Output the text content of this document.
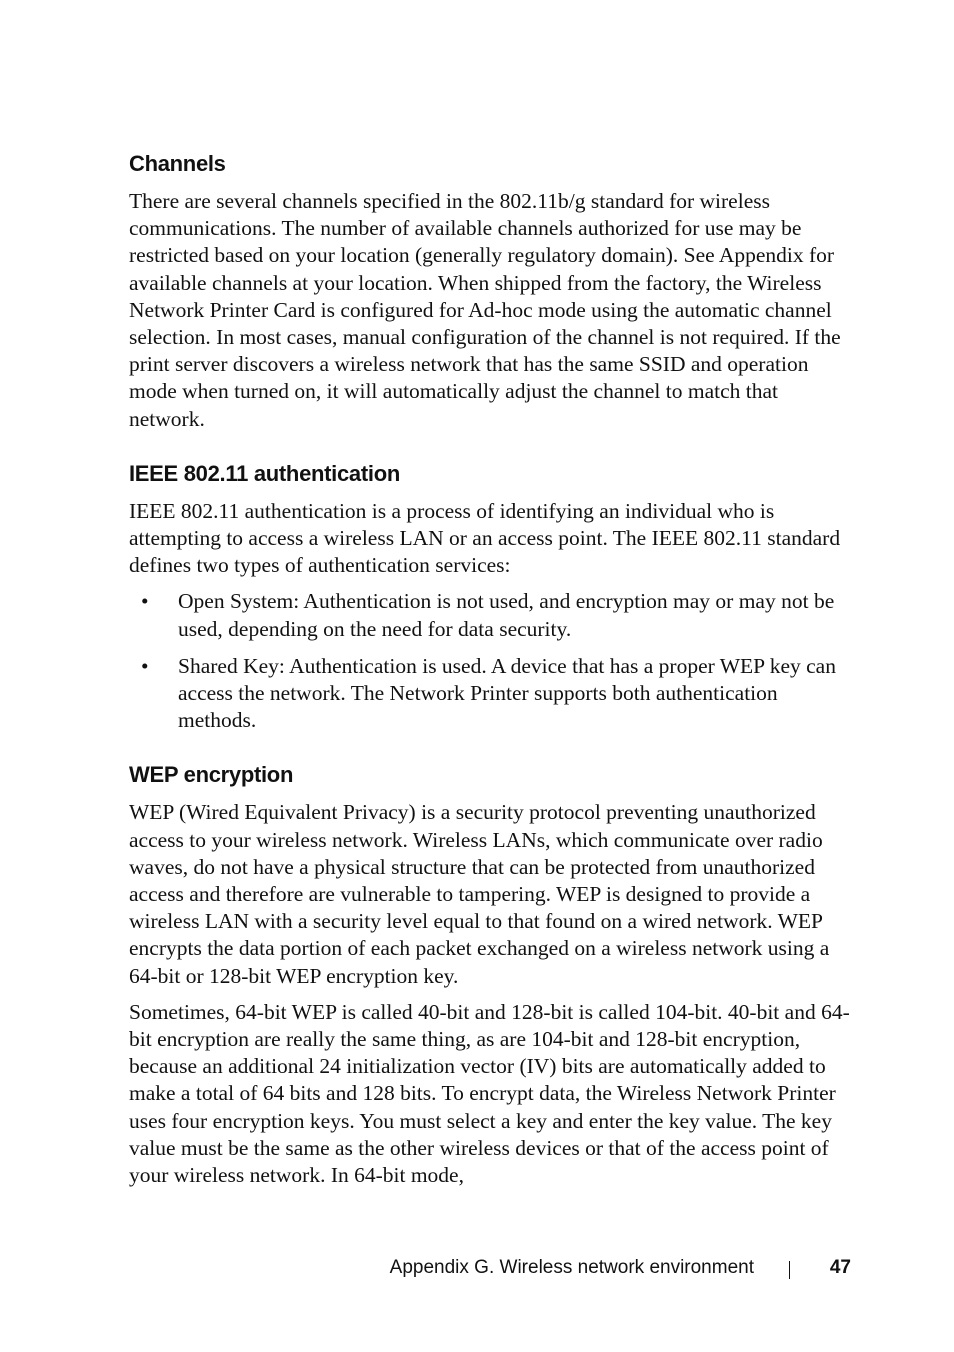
Channels

There are several channels specified in the 802.11b/g standard for wireless communications. The number of available channels authorized for use may be restricted based on your location (generally regulatory domain). See Appendix for available channels at your location. When shipped from the factory, the Wireless Network Printer Card is configured for Ad-hoc mode using the automatic channel selection. In most cases, manual configuration of the channel is not required. If the print server discovers a wireless network that has the same SSID and operation mode when turned on, it will automatically adjust the channel to match that network.

IEEE 802.11 authentication

IEEE 802.11 authentication is a process of identifying an individual who is attempting to access a wireless LAN or an access point. The IEEE 802.11 standard defines two types of authentication services:

• Open System: Authentication is not used, and encryption may or may not be used, depending on the need for data security.
• Shared Key: Authentication is used. A device that has a proper WEP key can access the network. The Network Printer supports both authentication methods.
WEP encryption

WEP (Wired Equivalent Privacy) is a security protocol preventing unauthorized access to your wireless network. Wireless LANs, which communicate over radio waves, do not have a physical structure that can be protected from unauthorized access and therefore are vulnerable to tampering. WEP is designed to provide a wireless LAN with a security level equal to that found on a wired network. WEP encrypts the data portion of each packet exchanged on a wireless network using a 64-bit or 128-bit WEP encryption key.

Sometimes, 64-bit WEP is called 40-bit and 128-bit is called 104-bit. 40-bit and 64-bit encryption are really the same thing, as are 104-bit and 128-bit encryption, because an additional 24 initialization vector (IV) bits are automatically added to make a total of 64 bits and 128 bits. To encrypt data, the Wireless Network Printer uses four encryption keys. You must select a key and enter the key value. The key value must be the same as the other wireless devices or that of the access point of your wireless network. In 64-bit mode,

Appendix G. Wireless network environment	47
